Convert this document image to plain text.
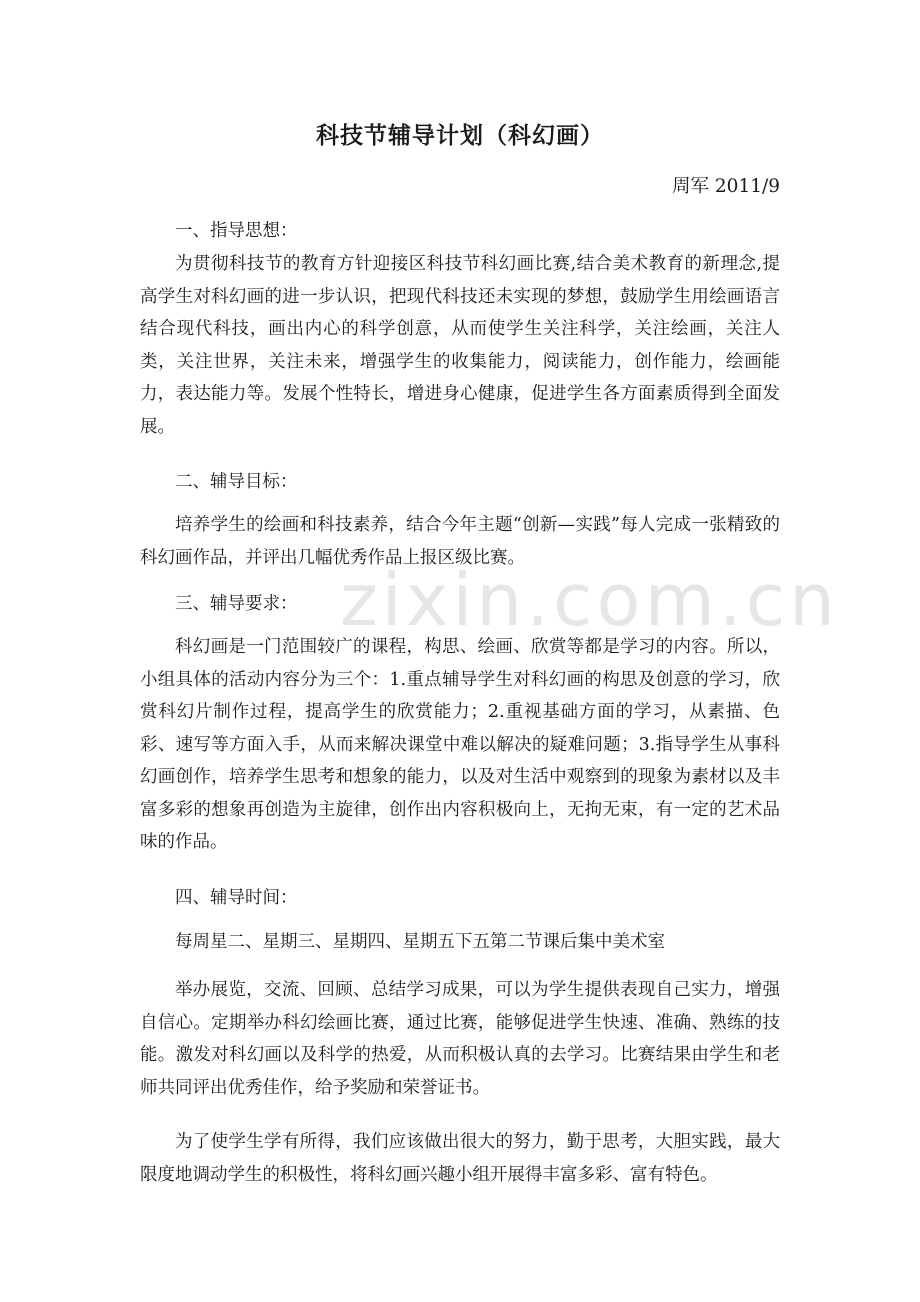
zixin.com.cn
科技节辅导计划（科幻画）
周军 2011/9
一、指导思想：
为贯彻科技节的教育方针迎接区科技节科幻画比赛,结合美术教育的新理念,提高学生对科幻画的进一步认识，把现代科技还未实现的梦想，鼓励学生用绘画语言结合现代科技，画出内心的科学创意，从而使学生关注科学，关注绘画，关注人类，关注世界，关注未来，增强学生的收集能力，阅读能力，创作能力，绘画能力，表达能力等。发展个性特长，增进身心健康，促进学生各方面素质得到全面发展。
二、辅导目标：
培养学生的绘画和科技素养，结合今年主题“创新—实践”每人完成一张精致的科幻画作品，并评出几幅优秀作品上报区级比赛。
三、辅导要求：
科幻画是一门范围较广的课程，构思、绘画、欣赏等都是学习的内容。所以，小组具体的活动内容分为三个：1.重点辅导学生对科幻画的构思及创意的学习，欣赏科幻片制作过程，提高学生的欣赏能力；2.重视基础方面的学习，从素描、色彩、速写等方面入手，从而来解决课堂中难以解决的疑难问题；3.指导学生从事科幻画创作，培养学生思考和想象的能力，以及对生活中观察到的现象为素材以及丰富多彩的想象再创造为主旋律，创作出内容积极向上，无拘无束，有一定的艺术品味的作品。
四、辅导时间：
每周星二、星期三、星期四、星期五下五第二节课后集中美术室
举办展览，交流、回顾、总结学习成果，可以为学生提供表现自己实力，增强自信心。定期举办科幻绘画比赛，通过比赛，能够促进学生快速、准确、熟练的技能。激发对科幻画以及科学的热爱，从而积极认真的去学习。比赛结果由学生和老师共同评出优秀佳作，给予奖励和荣誉证书。
为了使学生学有所得，我们应该做出很大的努力，勤于思考，大胆实践，最大限度地调动学生的积极性，将科幻画兴趣小组开展得丰富多彩、富有特色。
